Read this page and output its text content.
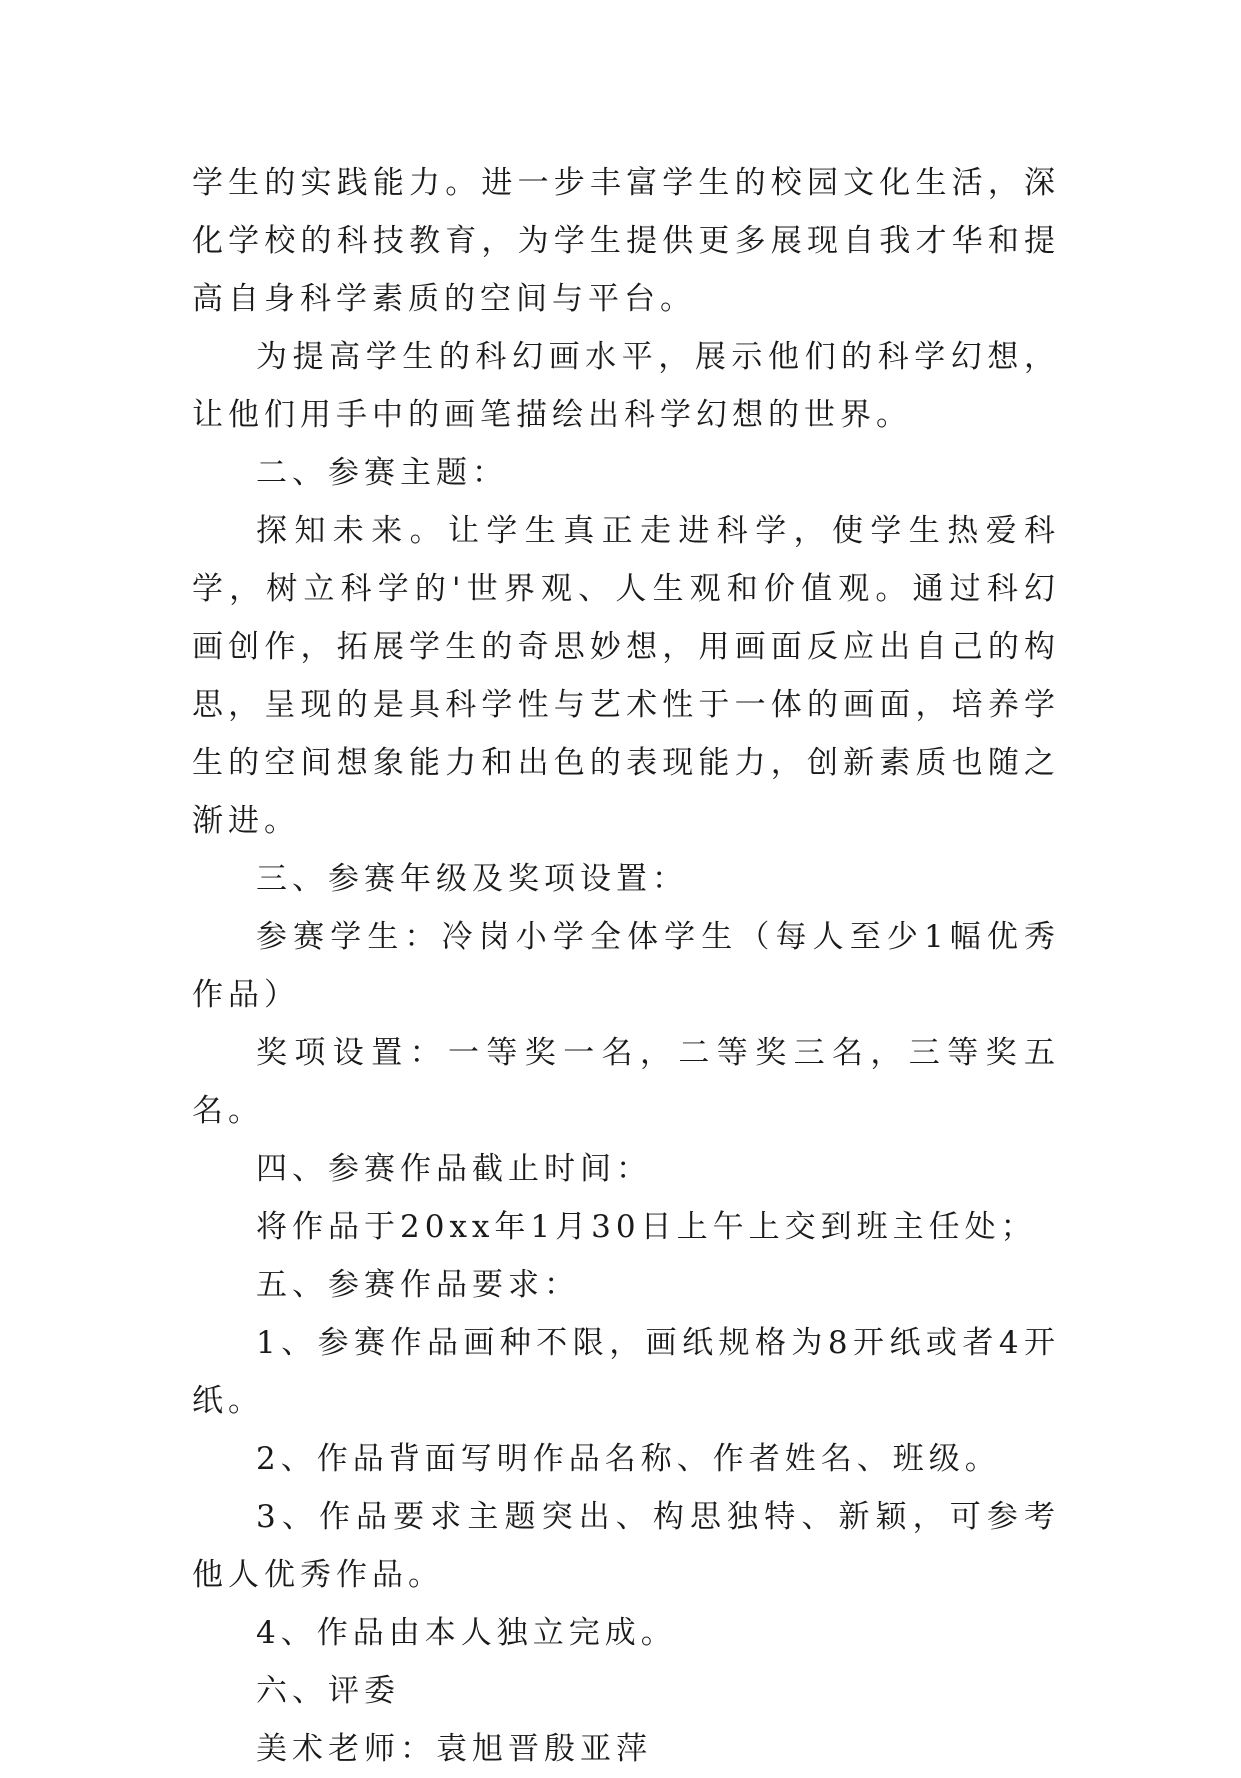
学生的实践能力。进一步丰富学生的校园文化生活，深化学校的科技教育，为学生提供更多展现自我才华和提高自身科学素质的空间与平台。

为提高学生的科幻画水平，展示他们的科学幻想，让他们用手中的画笔描绘出科学幻想的世界。

二、参赛主题：

探知未来。让学生真正走进科学，使学生热爱科学，树立科学的'世界观、人生观和价值观。通过科幻画创作，拓展学生的奇思妙想，用画面反应出自己的构思，呈现的是具科学性与艺术性于一体的画面，培养学生的空间想象能力和出色的表现能力，创新素质也随之渐进。

三、参赛年级及奖项设置：

参赛学生：冷岗小学全体学生（每人至少1幅优秀作品）

奖项设置：一等奖一名，二等奖三名，三等奖五名。

四、参赛作品截止时间：

将作品于20xx年1月30日上午上交到班主任处；

五、参赛作品要求：

1、参赛作品画种不限，画纸规格为8开纸或者4开纸。

2、作品背面写明作品名称、作者姓名、班级。

3、作品要求主题突出、构思独特、新颖，可参考他人优秀作品。

4、作品由本人独立完成。

六、评委

美术老师：袁旭晋殷亚萍
